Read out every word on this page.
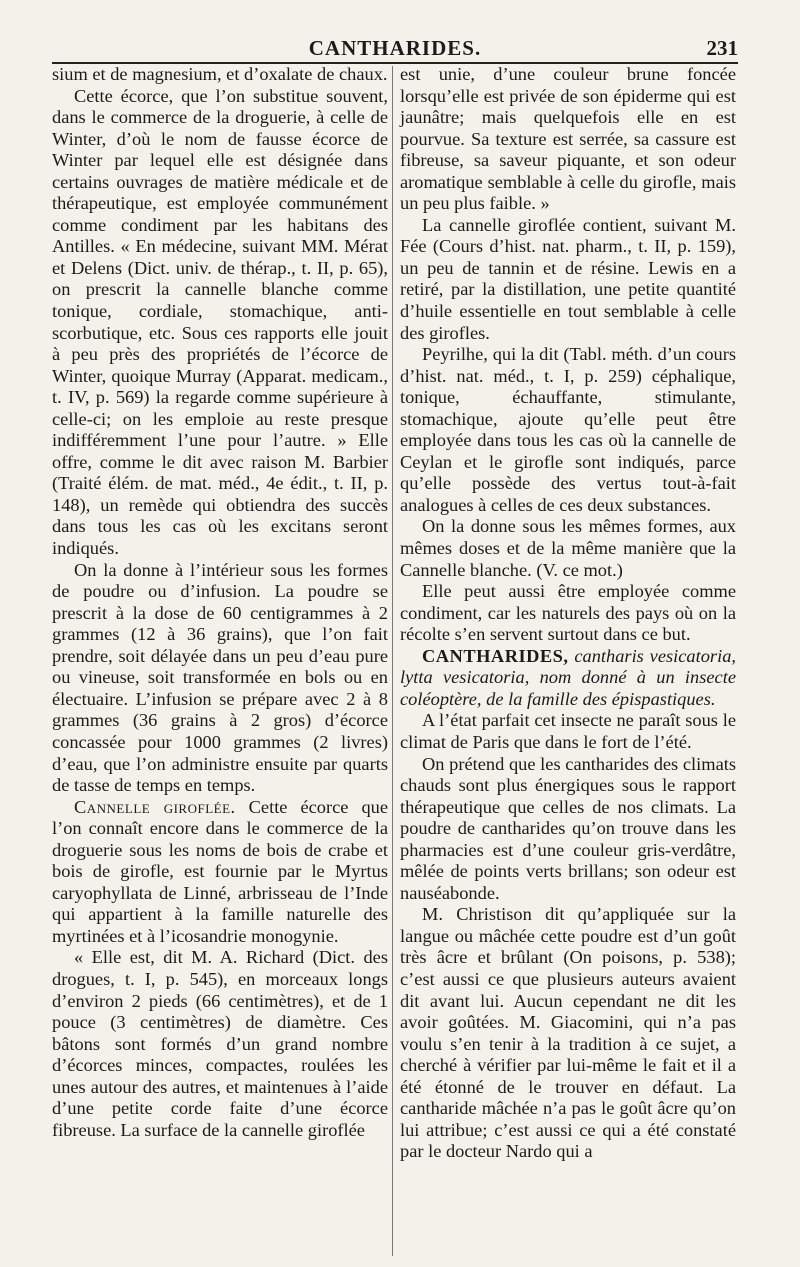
CANTHARIDES.	231

sium et de magnesium, et d’oxalate de chaux.

Cette écorce, que l’on substitue souvent, dans le commerce de la droguerie, à celle de Winter, d’où le nom de fausse écorce de Winter par lequel elle est désignée dans certains ouvrages de matière médicale et de thérapeutique, est employée communément comme condiment par les habitans des Antilles. « En médecine, suivant MM. Mérat et Delens (Dict. univ. de thérap., t. II, p. 65), on prescrit la cannelle blanche comme tonique, cordiale, stomachique, anti-scorbutique, etc. Sous ces rapports elle jouit à peu près des propriétés de l’écorce de Winter, quoique Murray (Apparat. medicam., t. IV, p. 569) la regarde comme supérieure à celle-ci; on les emploie au reste presque indifféremment l’une pour l’autre. » Elle offre, comme le dit avec raison M. Barbier (Traité élém. de mat. méd., 4e édit., t. II, p. 148), un remède qui obtiendra des succès dans tous les cas où les excitans seront indiqués.

On la donne à l’intérieur sous les formes de poudre ou d’infusion. La poudre se prescrit à la dose de 60 centigrammes à 2 grammes (12 à 36 grains), que l’on fait prendre, soit délayée dans un peu d’eau pure ou vineuse, soit transformée en bols ou en électuaire. L’infusion se prépare avec 2 à 8 grammes (36 grains à 2 gros) d’écorce concassée pour 1000 grammes (2 livres) d’eau, que l’on administre ensuite par quarts de tasse de temps en temps.

Cannelle giroflée. Cette écorce que l’on connaît encore dans le commerce de la droguerie sous les noms de bois de crabe et bois de girofle, est fournie par le Myrtus caryophyllata de Linné, arbrisseau de l’Inde qui appartient à la famille naturelle des myrtinées et à l’icosandrie monogynie.

« Elle est, dit M. A. Richard (Dict. des drogues, t. I, p. 545), en morceaux longs d’environ 2 pieds (66 centimètres), et de 1 pouce (3 centimètres) de diamètre. Ces bâtons sont formés d’un grand nombre d’écorces minces, compactes, roulées les unes autour des autres, et maintenues à l’aide d’une petite corde faite d’une écorce fibreuse. La surface de la cannelle giroflée

est unie, d’une couleur brune foncée lorsqu’elle est privée de son épiderme qui est jaunâtre; mais quelquefois elle en est pourvue. Sa texture est serrée, sa cassure est fibreuse, sa saveur piquante, et son odeur aromatique semblable à celle du girofle, mais un peu plus faible. »

La cannelle giroflée contient, suivant M. Fée (Cours d’hist. nat. pharm., t. II, p. 159), un peu de tannin et de résine. Lewis en a retiré, par la distillation, une petite quantité d’huile essentielle en tout semblable à celle des girofles.

Peyrilhe, qui la dit (Tabl. méth. d’un cours d’hist. nat. méd., t. I, p. 259) céphalique, tonique, échauffante, stimulante, stomachique, ajoute qu’elle peut être employée dans tous les cas où la cannelle de Ceylan et le girofle sont indiqués, parce qu’elle possède des vertus tout-à-fait analogues à celles de ces deux substances.

On la donne sous les mêmes formes, aux mêmes doses et de la même manière que la Cannelle blanche. (V. ce mot.)

Elle peut aussi être employée comme condiment, car les naturels des pays où on la récolte s’en servent surtout dans ce but.

CANTHARIDES, cantharis vesicatoria, lytta vesicatoria, nom donné à un insecte coléoptère, de la famille des épispastiques.

A l’état parfait cet insecte ne paraît sous le climat de Paris que dans le fort de l’été.

On prétend que les cantharides des climats chauds sont plus énergiques sous le rapport thérapeutique que celles de nos climats. La poudre de cantharides qu’on trouve dans les pharmacies est d’une couleur gris-verdâtre, mêlée de points verts brillans; son odeur est nauséabonde.

M. Christison dit qu’appliquée sur la langue ou mâchée cette poudre est d’un goût très âcre et brûlant (On poisons, p. 538); c’est aussi ce que plusieurs auteurs avaient dit avant lui. Aucun cependant ne dit les avoir goûtées. M. Giacomini, qui n’a pas voulu s’en tenir à la tradition à ce sujet, a cherché à vérifier par lui-même le fait et il a été étonné de le trouver en défaut. La cantharide mâchée n’a pas le goût âcre qu’on lui attribue; c’est aussi ce qui a été constaté par le docteur Nardo qui a
